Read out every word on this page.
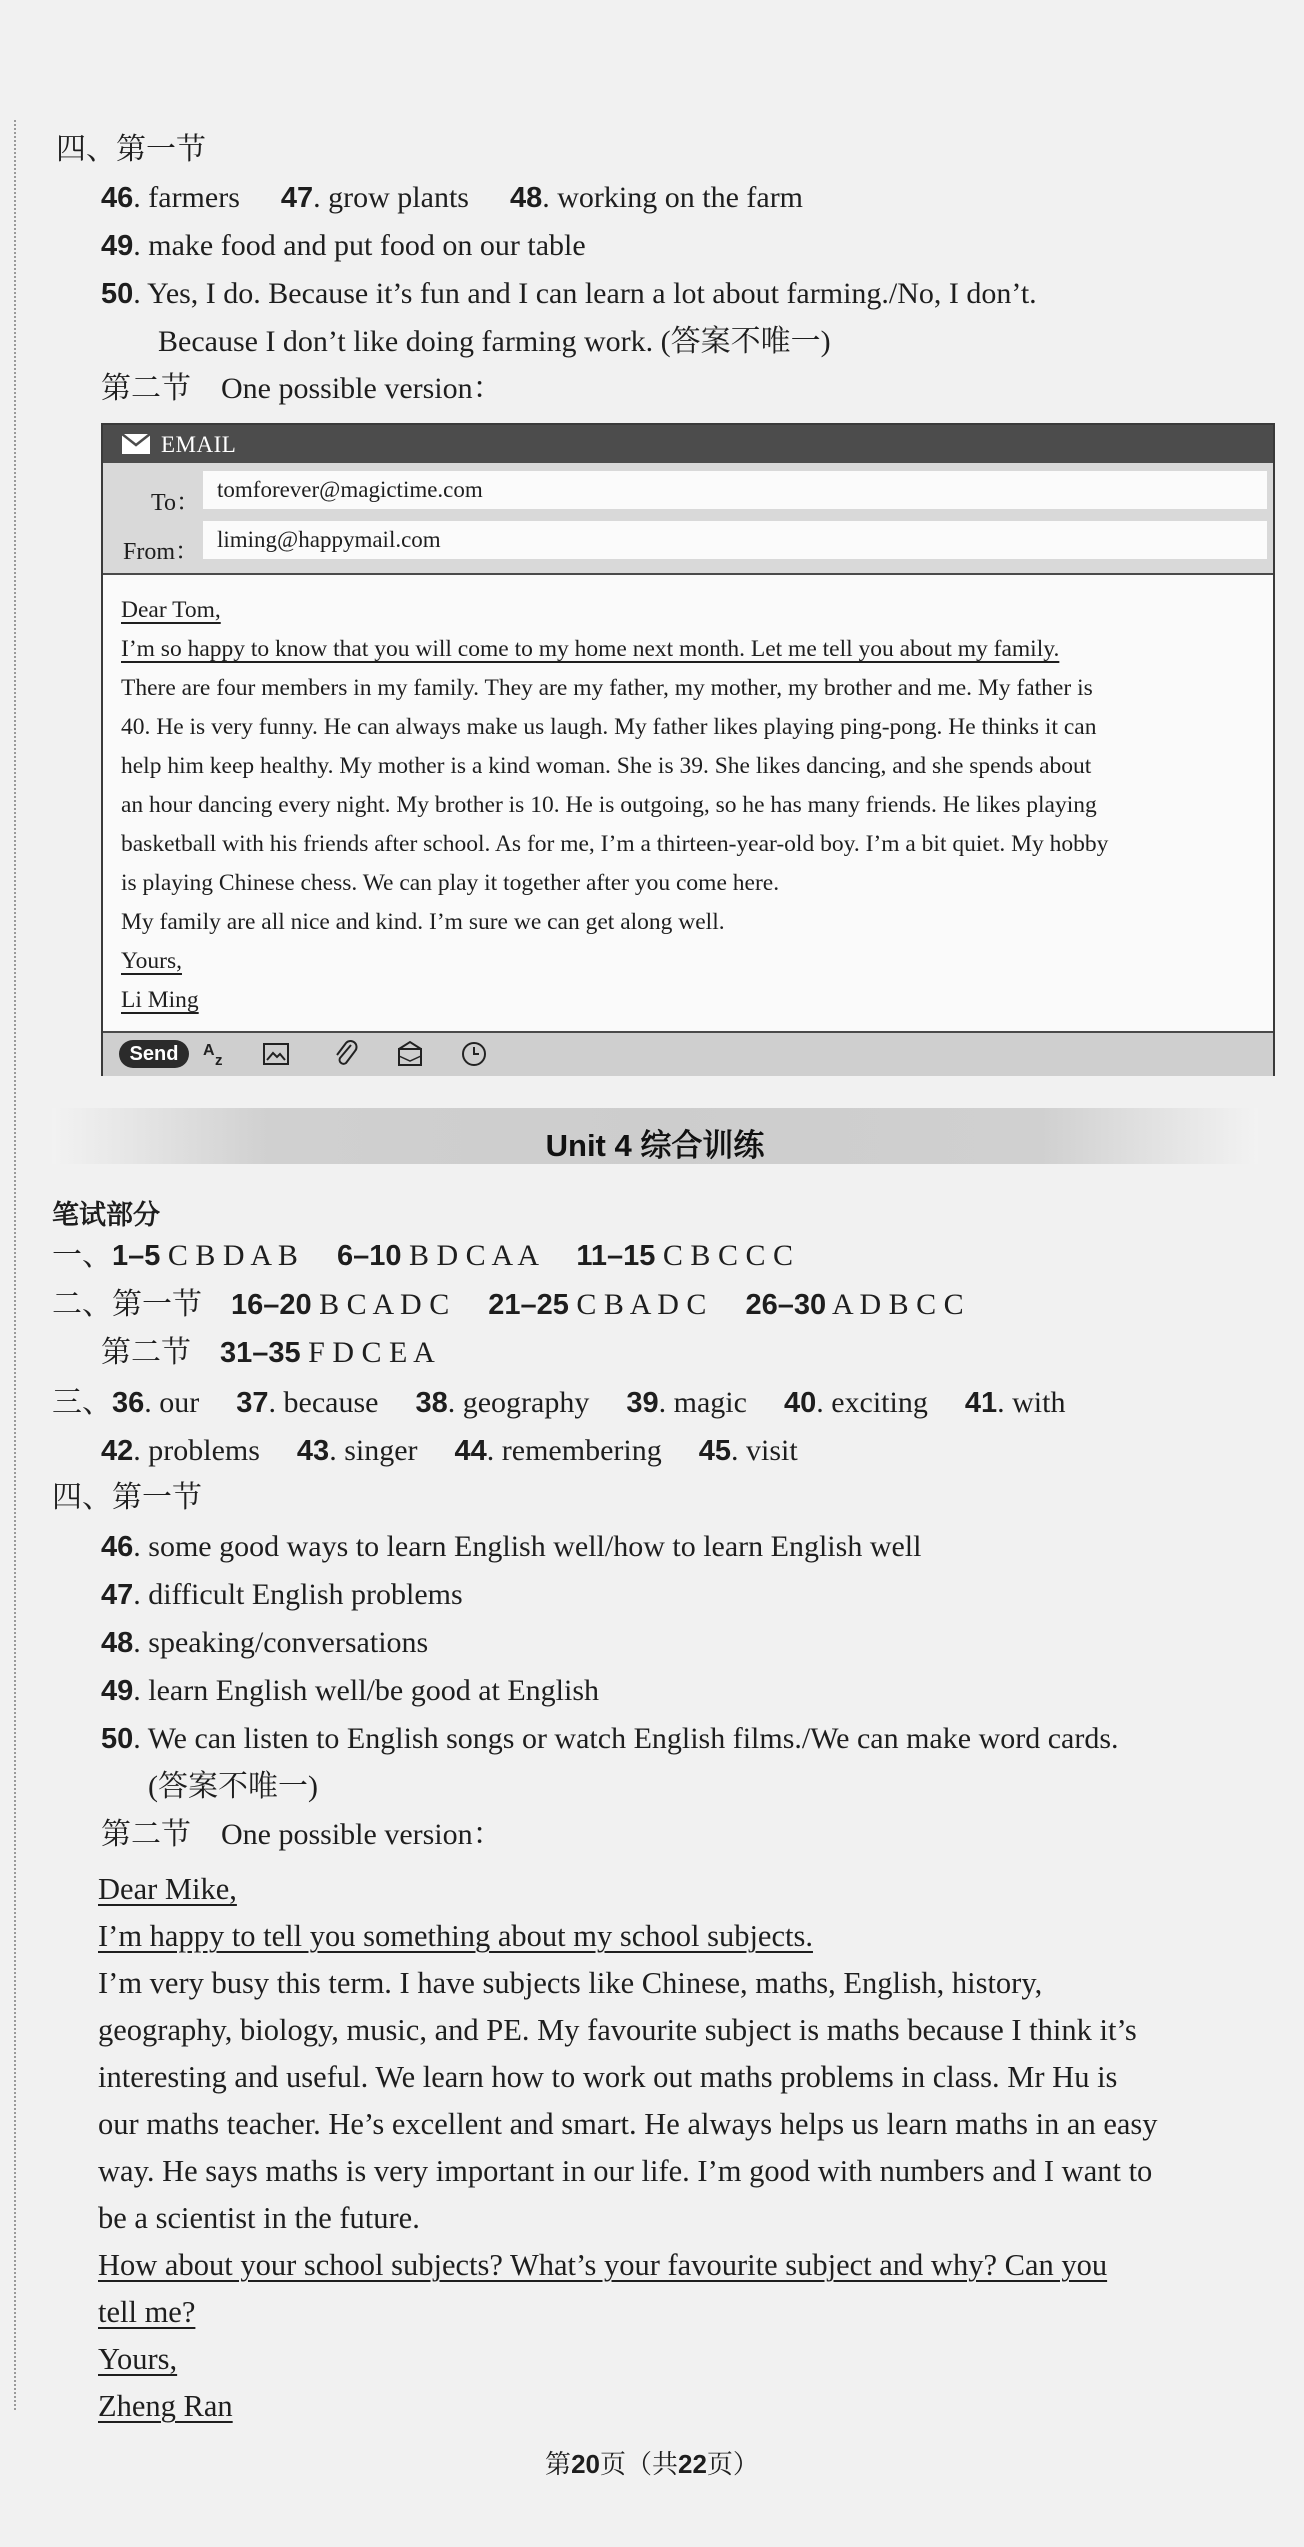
四、第一节
46. farmers 47. grow plants 48. working on the farm
49. make food and put food on our table
50. Yes, I do. Because it’s fun and I can learn a lot about farming./No, I don’t.
Because I don’t like doing farming work. (答案不唯一)
第二节　One possible version：
EMAIL
To：
tomforever@magictime.com
From： liming@happymail.com
Dear Tom,
I’m so happy to know that you will come to my home next month. Let me tell you about my family.
There are four members in my family. They are my father, my mother, my brother and me. My father is
40. He is very funny. He can always make us laugh. My father likes playing ping-pong. He thinks it can
help him keep healthy. My mother is a kind woman. She is 39. She likes dancing, and she spends about
an hour dancing every night. My brother is 10. He is outgoing, so he has many friends. He likes playing
basketball with his friends after school. As for me, I’m a thirteen-year-old boy. I’m a bit quiet. My hobby
is playing Chinese chess. We can play it together after you come here.
My family are all nice and kind. I’m sure we can get along well.
Yours,
Li Ming
Send	A
z
Unit 4 综合训练
笔试部分
一、1–5 C B D A B 6–10 B D C A A 11–15 C B C C C
二、第一节 16–20 B C A D C 21–25 C B A D C 26–30 A D B C C
第二节 31–35 F D C E A
三、36. our 37. because 38. geography 39. magic 40. exciting 41. with
42. problems 43. singer 44. remembering 45. visit
四、第一节
46. some good ways to learn English well/how to learn English well
47. difficult English problems
48. speaking/conversations
49. learn English well/be good at English
50. We can listen to English songs or watch English films./We can make word cards.
(答案不唯一)
第二节　One possible version：
Dear Mike,
I’m happy to tell you something about my school subjects.
I’m very busy this term. I have subjects like Chinese, maths, English, history,
geography, biology, music, and PE. My favourite subject is maths because I think it’s
interesting and useful. We learn how to work out maths problems in class. Mr Hu is
our maths teacher. He’s excellent and smart. He always helps us learn maths in an easy
way. He says maths is very important in our life. I’m good with numbers and I want to
be a scientist in the future.
How about your school subjects? What’s your favourite subject and why? Can you
tell me?
Yours,
Zheng Ran
第20页（共22页）
